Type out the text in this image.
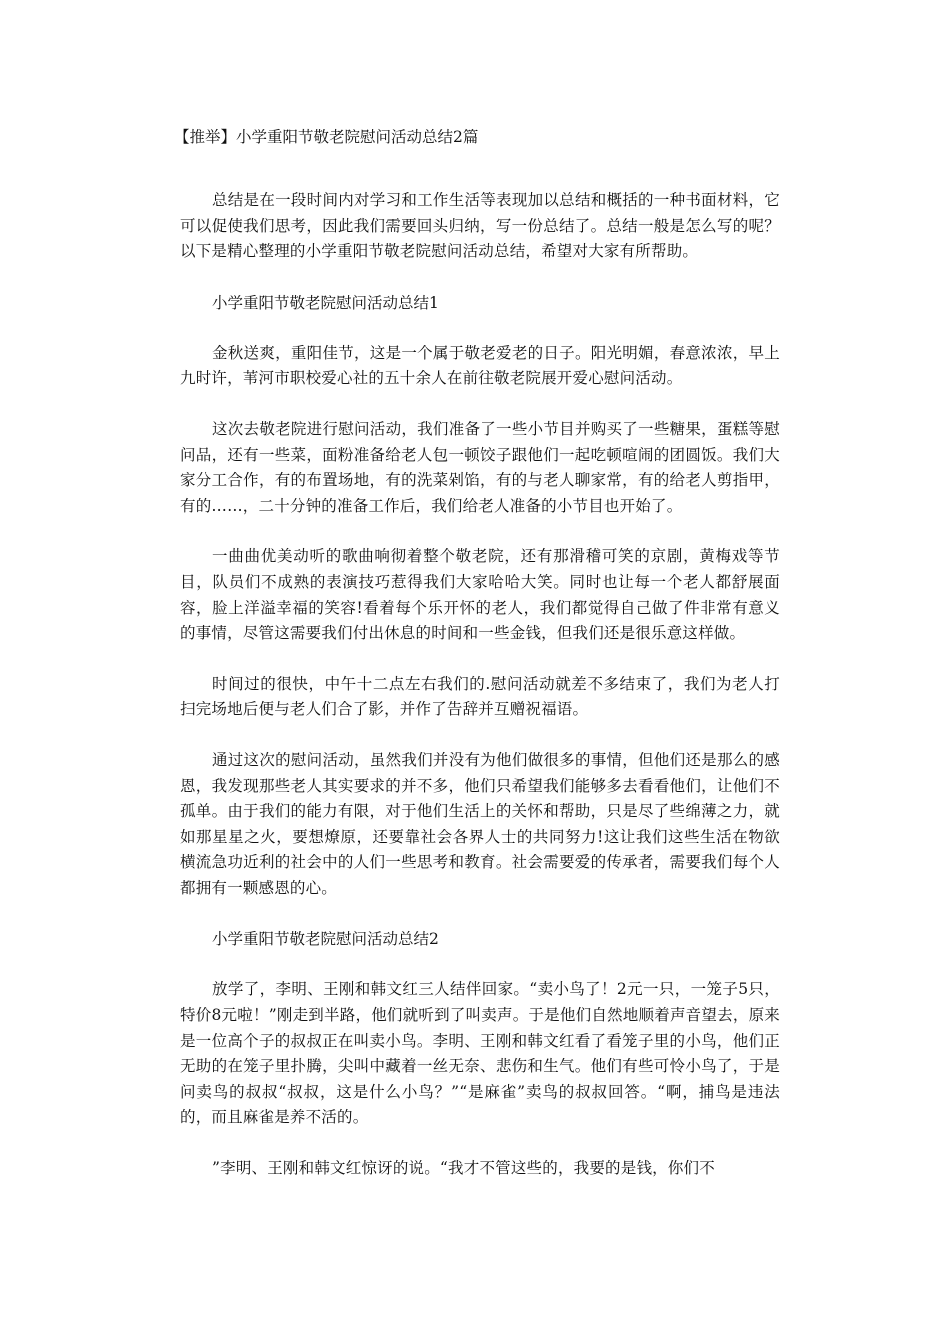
【推举】小学重阳节敬老院慰问活动总结2篇

总结是在一段时间内对学习和工作生活等表现加以总结和概括的一种书面材料，它可以促使我们思考，因此我们需要回头归纳，写一份总结了。总结一般是怎么写的呢？以下是精心整理的小学重阳节敬老院慰问活动总结，希望对大家有所帮助。

小学重阳节敬老院慰问活动总结1

金秋送爽，重阳佳节，这是一个属于敬老爱老的日子。阳光明媚，春意浓浓，早上九时许，苇河市职校爱心社的五十余人在前往敬老院展开爱心慰问活动。

这次去敬老院进行慰问活动，我们准备了一些小节目并购买了一些糖果，蛋糕等慰问品，还有一些菜，面粉准备给老人包一顿饺子跟他们一起吃顿喧闹的团圆饭。我们大家分工合作，有的布置场地，有的洗菜剁馅，有的与老人聊家常，有的给老人剪指甲，有的……，二十分钟的准备工作后，我们给老人准备的小节目也开始了。

一曲曲优美动听的歌曲响彻着整个敬老院，还有那滑稽可笑的京剧，黄梅戏等节目，队员们不成熟的表演技巧惹得我们大家哈哈大笑。同时也让每一个老人都舒展面容，脸上洋溢幸福的笑容!看着每个乐开怀的老人，我们都觉得自己做了件非常有意义的事情，尽管这需要我们付出休息的时间和一些金钱，但我们还是很乐意这样做。

时间过的很快，中午十二点左右我们的.慰问活动就差不多结束了，我们为老人打扫完场地后便与老人们合了影，并作了告辞并互赠祝福语。

通过这次的慰问活动，虽然我们并没有为他们做很多的事情，但他们还是那么的感恩，我发现那些老人其实要求的并不多，他们只希望我们能够多去看看他们，让他们不孤单。由于我们的能力有限，对于他们生活上的关怀和帮助，只是尽了些绵薄之力，就如那星星之火，要想燎原，还要靠社会各界人士的共同努力!这让我们这些生活在物欲横流急功近利的社会中的人们一些思考和教育。社会需要爱的传承者，需要我们每个人都拥有一颗感恩的心。

小学重阳节敬老院慰问活动总结2

放学了，李明、王刚和韩文红三人结伴回家。“卖小鸟了！2元一只，一笼子5只，特价8元啦！”刚走到半路，他们就听到了叫卖声。于是他们自然地顺着声音望去，原来是一位高个子的叔叔正在叫卖小鸟。李明、王刚和韩文红看了看笼子里的小鸟，他们正无助的在笼子里扑腾，尖叫中藏着一丝无奈、悲伤和生气。他们有些可怜小鸟了，于是问卖鸟的叔叔“叔叔，这是什么小鸟？”“是麻雀”卖鸟的叔叔回答。“啊，捕鸟是违法的，而且麻雀是养不活的。

”李明、王刚和韩文红惊讶的说。“我才不管这些的，我要的是钱，你们不
